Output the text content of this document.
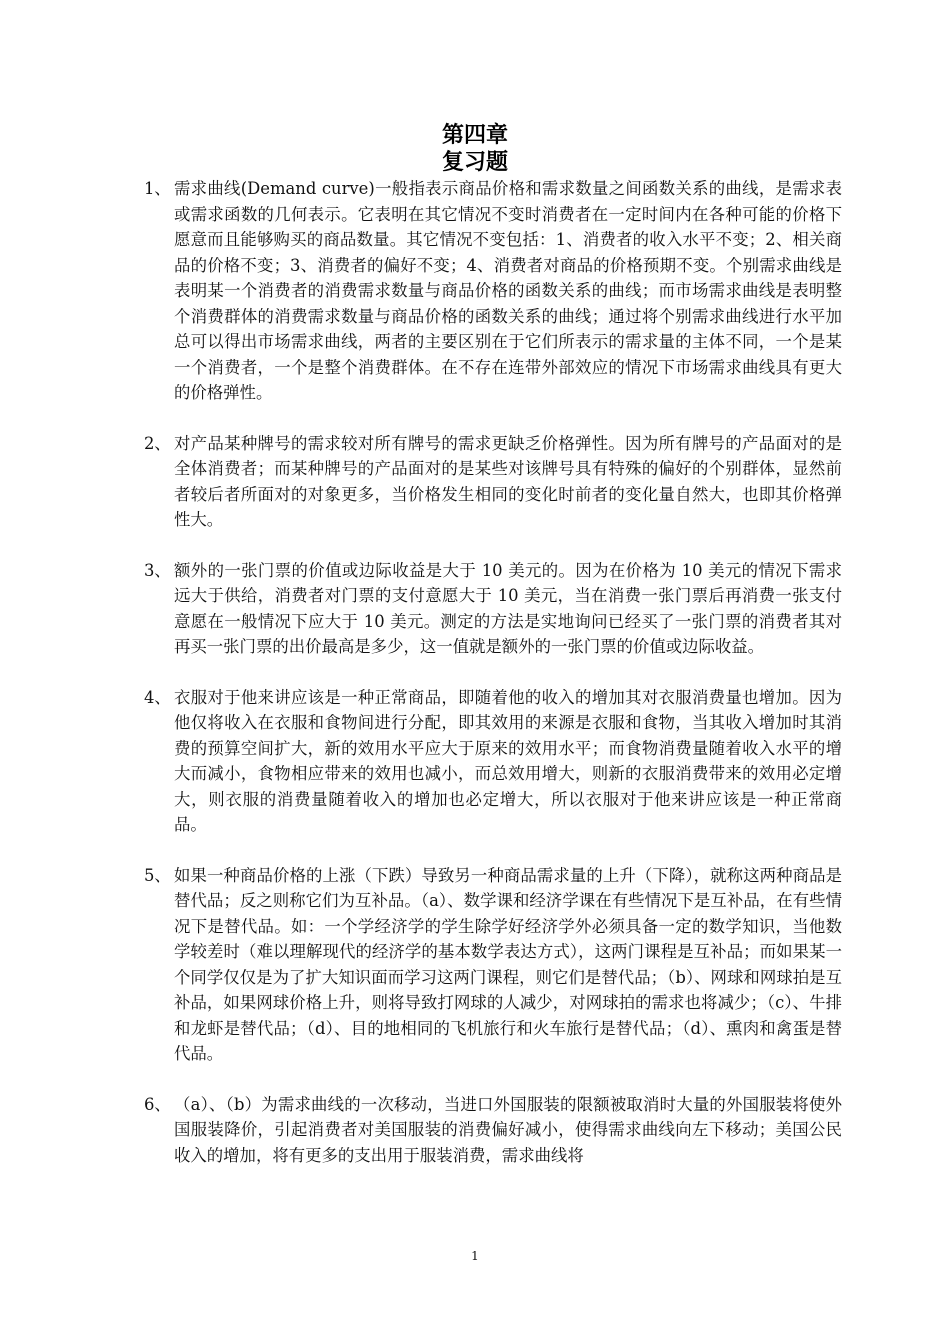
第四章
复习题
1、 需求曲线(Demand curve)一般指表示商品价格和需求数量之间函数关系的曲线，是需求表或需求函数的几何表示。它表明在其它情况不变时消费者在一定时间内在各种可能的价格下愿意而且能够购买的商品数量。其它情况不变包括：1、消费者的收入水平不变；2、相关商品的价格不变；3、消费者的偏好不变；4、消费者对商品的价格预期不变。个别需求曲线是表明某一个消费者的消费需求数量与商品价格的函数关系的曲线；而市场需求曲线是表明整个消费群体的消费需求数量与商品价格的函数关系的曲线；通过将个别需求曲线进行水平加总可以得出市场需求曲线，两者的主要区别在于它们所表示的需求量的主体不同，一个是某一个消费者，一个是整个消费群体。在不存在连带外部效应的情况下市场需求曲线具有更大的价格弹性。
2、 对产品某种牌号的需求较对所有牌号的需求更缺乏价格弹性。因为所有牌号的产品面对的是全体消费者；而某种牌号的产品面对的是某些对该牌号具有特殊的偏好的个别群体，显然前者较后者所面对的对象更多，当价格发生相同的变化时前者的变化量自然大，也即其价格弹性大。
3、 额外的一张门票的价值或边际收益是大于 10 美元的。因为在价格为 10 美元的情况下需求远大于供给，消费者对门票的支付意愿大于 10 美元，当在消费一张门票后再消费一张支付意愿在一般情况下应大于 10 美元。测定的方法是实地询问已经买了一张门票的消费者其对再买一张门票的出价最高是多少，这一值就是额外的一张门票的价值或边际收益。
4、 衣服对于他来讲应该是一种正常商品，即随着他的收入的增加其对衣服消费量也增加。因为他仅将收入在衣服和食物间进行分配，即其效用的来源是衣服和食物，当其收入增加时其消费的预算空间扩大，新的效用水平应大于原来的效用水平；而食物消费量随着收入水平的增大而减小，食物相应带来的效用也减小，而总效用增大，则新的衣服消费带来的效用必定增大，则衣服的消费量随着收入的增加也必定增大，所以衣服对于他来讲应该是一种正常商品。
5、 如果一种商品价格的上涨（下跌）导致另一种商品需求量的上升（下降），就称这两种商品是替代品；反之则称它们为互补品。（a）、数学课和经济学课在有些情况下是互补品，在有些情况下是替代品。如：一个学经济学的学生除学好经济学外必须具备一定的数学知识，当他数学较差时（难以理解现代的经济学的基本数学表达方式），这两门课程是互补品；而如果某一个同学仅仅是为了扩大知识面而学习这两门课程，则它们是替代品；（b）、网球和网球拍是互补品，如果网球价格上升，则将导致打网球的人减少，对网球拍的需求也将减少；（c）、牛排和龙虾是替代品；（d）、目的地相同的飞机旅行和火车旅行是替代品；（d）、熏肉和禽蛋是替代品。
6、 （a）、（b）为需求曲线的一次移动，当进口外国服装的限额被取消时大量的外国服装将使外国服装降价，引起消费者对美国服装的消费偏好减小，使得需求曲线向左下移动；美国公民收入的增加，将有更多的支出用于服装消费，需求曲线将
1
